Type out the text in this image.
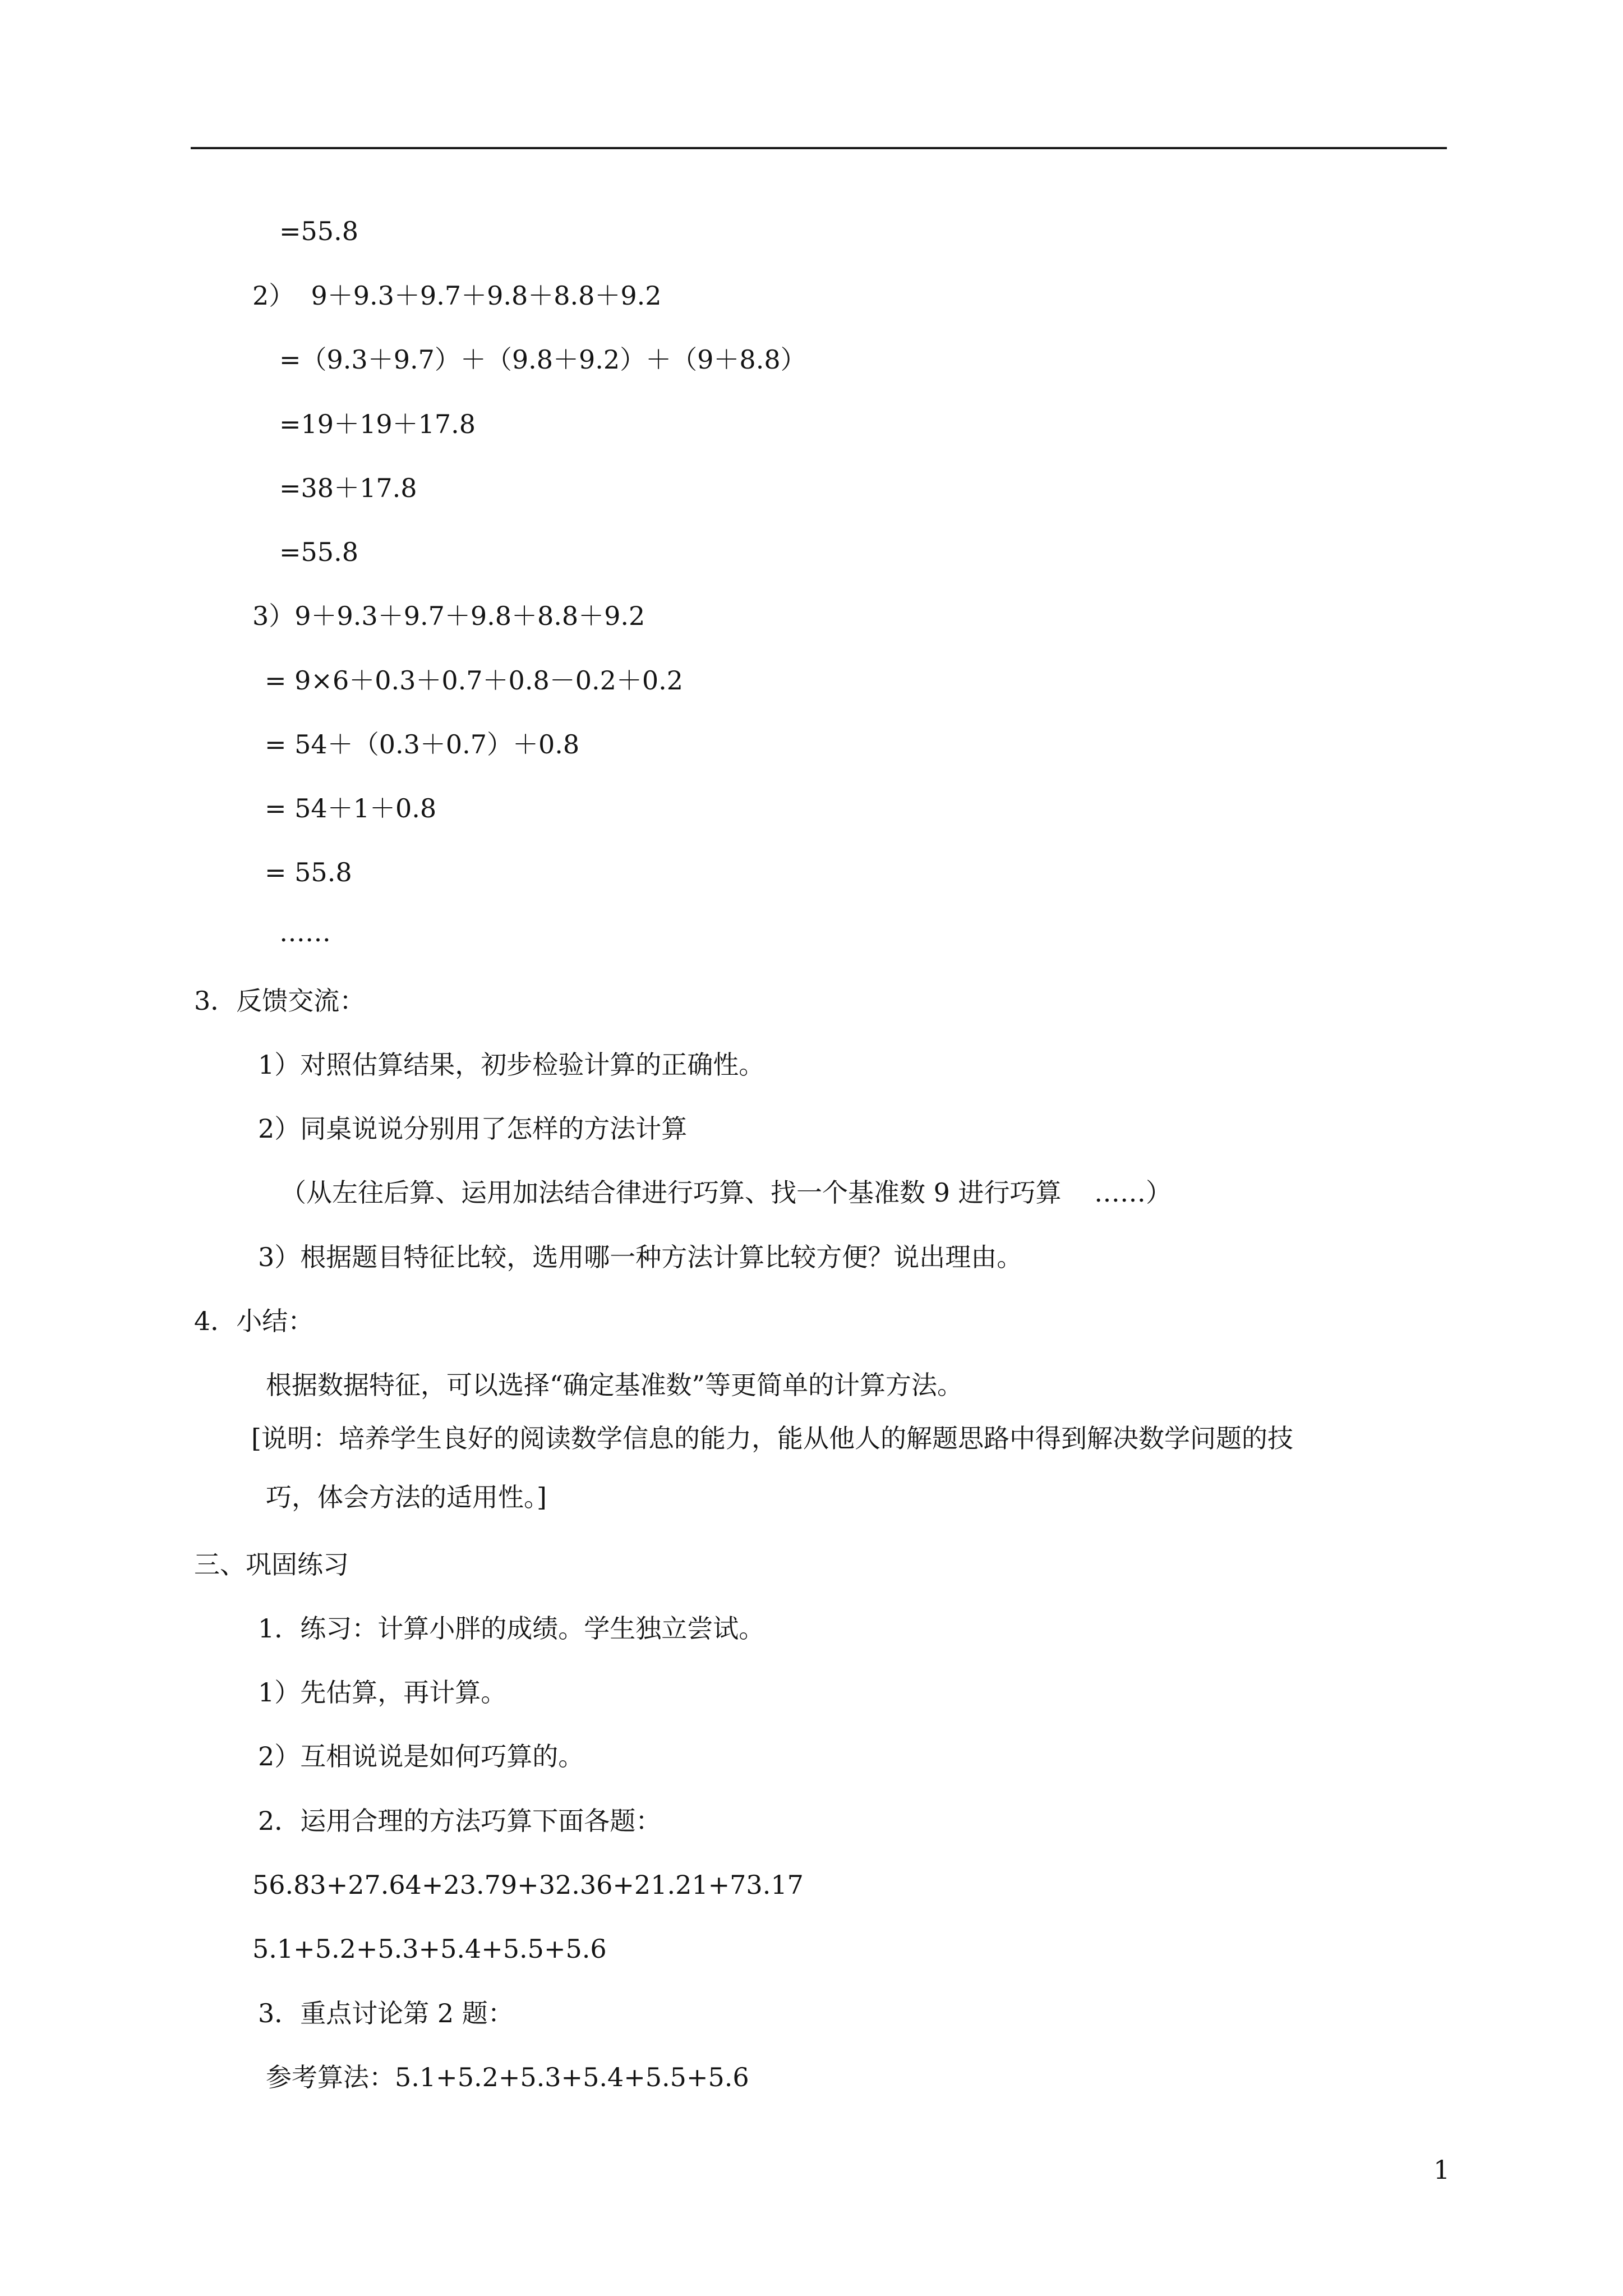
=55.8
2）  9＋9.3＋9.7＋9.8＋8.8＋9.2
=（9.3＋9.7）＋（9.8＋9.2）＋（9＋8.8）
=19＋19＋17.8
=38＋17.8
=55.8
3）9＋9.3＋9.7＋9.8＋8.8＋9.2
= 9×6＋0.3＋0.7＋0.8－0.2＋0.2
= 54＋（0.3＋0.7）＋0.8
= 54＋1＋0.8
= 55.8
……
3．反馈交流：
1）对照估算结果，初步检验计算的正确性。
2）同桌说说分别用了怎样的方法计算
（从左往后算、运用加法结合律进行巧算、找一个基准数 9 进行巧算    ……）
3）根据题目特征比较，选用哪一种方法计算比较方便？说出理由。
4．小结：
根据数据特征，可以选择“确定基准数”等更简单的计算方法。
[说明：培养学生良好的阅读数学信息的能力，能从他人的解题思路中得到解决数学问题的技
巧，体会方法的适用性。]
三、巩固练习
1．练习：计算小胖的成绩。学生独立尝试。
1）先估算，再计算。
2）互相说说是如何巧算的。
2．运用合理的方法巧算下面各题：
56.83+27.64+23.79+32.36+21.21+73.17
5.1+5.2+5.3+5.4+5.5+5.6
3．重点讨论第 2 题：
参考算法：5.1+5.2+5.3+5.4+5.5+5.6
1
